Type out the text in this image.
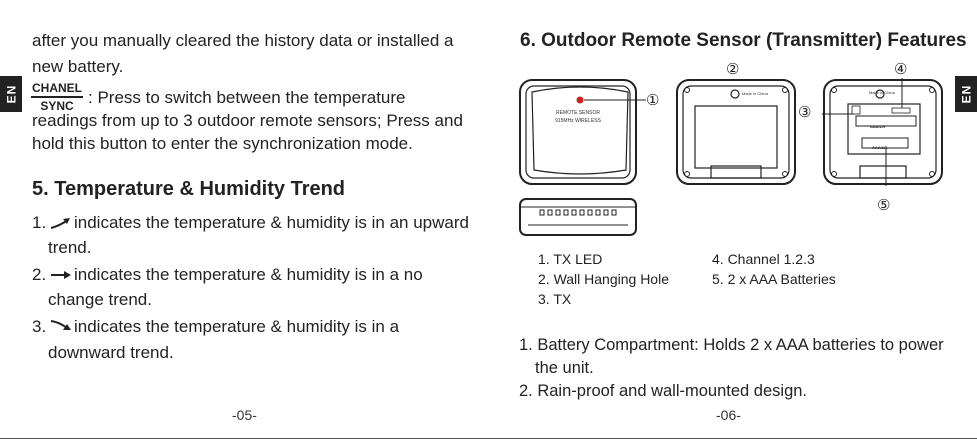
EN	EN
after you manually cleared the history data or installed a
new battery.
CHANEL
SYNC : Press to switch between the temperature
readings from up to 3 outdoor remote sensors; Press and
hold this button to enter the synchronization mode.
5. Temperature & Humidity Trend
1. indicates the temperature & humidity is in an upward
trend.
2. indicates the temperature & humidity is in a no
change trend.
3. indicates the temperature & humidity is in a
downward trend.
-05-
6. Outdoor Remote Sensor (Transmitter) Features
REMOTE SENSOR
915MHz WIRELESS
①	Made in China
②
Made in China
AAA/LR
AAA/LR
③
④
⑤
1. TX LED
2. Wall Hanging Hole
3. TX
4. Channel 1.2.3
5. 2 x AAA Batteries
1. Battery Compartment: Holds 2 x AAA batteries to power
the unit.
2. Rain-proof and wall-mounted design.
-06-
